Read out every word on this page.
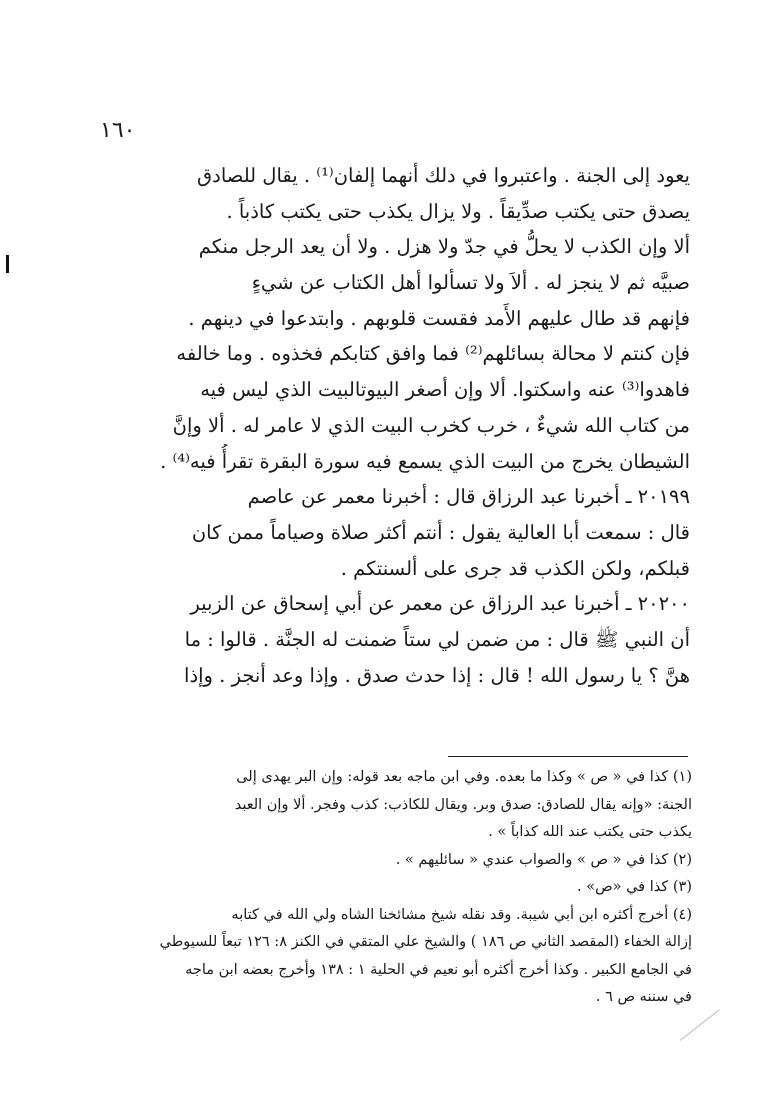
١٦٠
يعود إلى الجنة . واعتبروا في دلك أنهما إلفان⁽¹⁾ . يقال للصادق
يصدق حتى يكتب صدِّيقاً . ولا يزال يكذب حتى يكتب كاذباً .
ألا وإن الكذب لا يحلُّ في جدّ ولا هزل . ولا أن يعد الرجل منكم
صبيَّه ثم لا ينجز له . ألاَ ولا تسألوا أهل الكتاب عن شيءٍ
فإنهم قد طال عليهم الأَمد فقست قلوبهم . وابتدعوا في دينهم .
فإن كنتم لا محالة بسائلهم⁽²⁾ فما وافق كتابكم فخذوه . وما خالفه
فاهدوا⁽³⁾ عنه واسكتوا. ألا وإن أصغر البيوتالبيت الذي ليس فيه
من كتاب الله شيءٌ ، خرب كخرب البيت الذي لا عامر له . ألا وإنَّ
الشيطان يخرج من البيت الذي يسمع فيه سورة البقرة تقرأُ فيه⁽⁴⁾ .
٢٠١٩٩ ـ أخبرنا عبد الرزاق قال : أخبرنا معمر عن عاصم
قال : سمعت أبا العالية يقول : أنتم أكثر صلاة وصياماً ممن كان
قبلكم، ولكن الكذب قد جرى على ألسنتكم .
٢٠٢٠٠ ـ أخبرنا عبد الرزاق عن معمر عن أبي إسحاق عن الزبير
أن النبي ﷺ قال : من ضمن لي ستاً ضمنت له الجنَّة . قالوا : ما
هنَّ ؟ يا رسول الله ! قال : إذا حدث صدق . وإذا وعد أنجز . وإذا
(١) كذا في « ص » وكذا ما بعده. وفي ابن ماجه بعد قوله: وإن البر يهدى إلى
الجنة: «وإنه يقال للصادق: صدق وبر. ويقال للكاذب: كذب وفجر. ألا وإن العبد
يكذب حتى يكتب عند الله كذاباً » .
(٢) كذا في « ص » والصواب عندي « سائليهم » .
(٣) كذا في «ص» .
(٤) أخرج أكثره ابن أبي شيبة. وقد نقله شيخ مشائخنا الشاه ولي الله في كتابه
إزالة الخفاء (المقصد الثاني ص ١٨٦ ) والشيخ علي المتقي في الكنز ٨: ١٢٦ تبعاً للسيوطي
في الجامع الكبير . وكذا أخرج أكثره أبو نعيم في الحلية ١ : ١٣٨ وأخرج بعضه ابن ماجه
في سننه ص ٦ .
